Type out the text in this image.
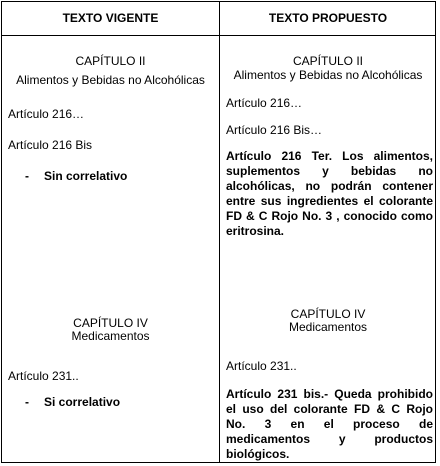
TEXTO VIGENTE	TEXTO PROPUESTO
CAPÍTULO II
Alimentos y Bebidas no Alcohólicas
Artículo 216…
Artículo 216 Bis
- Sin correlativo
CAPÍTULO IV
Medicamentos
Artículo 231..
- Si correlativo
CAPÍTULO II
Alimentos y Bebidas no Alcohólicas
Artículo 216…
Artículo 216 Bis…
Artículo 216 Ter. Los alimentos, suplementos y bebidas no alcohólicas, no podrán contener entre sus ingredientes el colorante FD & C Rojo No. 3 , conocido como eritrosina.
CAPÍTULO IV
Medicamentos
Artículo 231..
Artículo 231 bis.- Queda prohibido el uso del colorante FD & C Rojo No. 3 en el proceso de medicamentos y productos biológicos.
